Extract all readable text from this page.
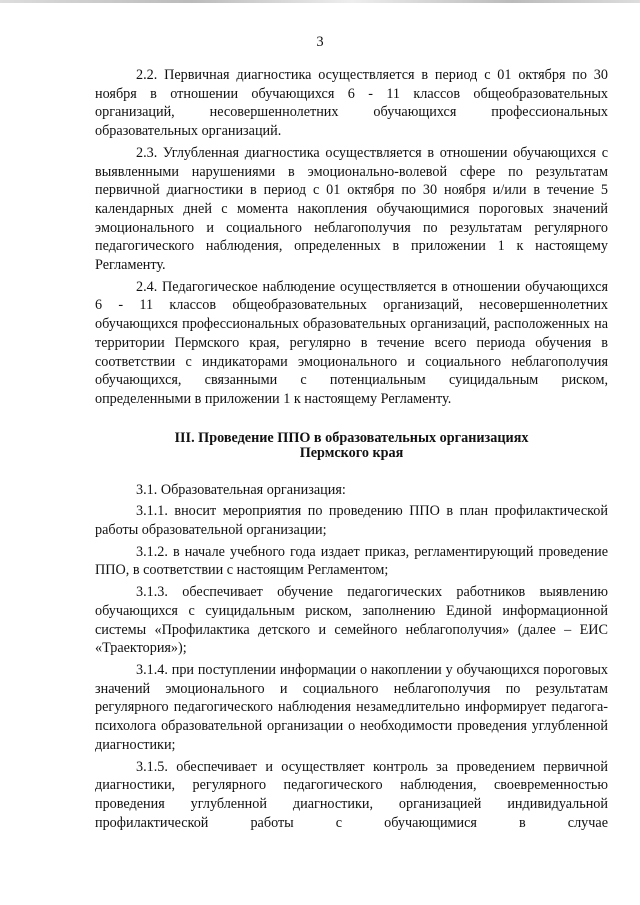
3

2.2. Первичная диагностика осуществляется в период с 01 октября по 30 ноября в отношении обучающихся 6 - 11 классов общеобразовательных организаций, несовершеннолетних обучающихся профессиональных образовательных организаций.

2.3. Углубленная диагностика осуществляется в отношении обучающихся с выявленными нарушениями в эмоционально-волевой сфере по результатам первичной диагностики в период с 01 октября по 30 ноября и/или в течение 5 календарных дней с момента накопления обучающимися пороговых значений эмоционального и социального неблагополучия по результатам регулярного педагогического наблюдения, определенных в приложении 1 к настоящему Регламенту.

2.4. Педагогическое наблюдение осуществляется в отношении обучающихся 6 - 11 классов общеобразовательных организаций, несовершеннолетних обучающихся профессиональных образовательных организаций, расположенных на территории Пермского края, регулярно в течение всего периода обучения в соответствии с индикаторами эмоционального и социального неблагополучия обучающихся, связанными с потенциальным суицидальным риском, определенными в приложении 1 к настоящему Регламенту.

III. Проведение ППО в образовательных организациях
Пермского края

3.1. Образовательная организация:

3.1.1. вносит мероприятия по проведению ППО в план профилактической работы образовательной организации;

3.1.2. в начале учебного года издает приказ, регламентирующий проведение ППО, в соответствии с настоящим Регламентом;

3.1.3. обеспечивает обучение педагогических работников выявлению обучающихся с суицидальным риском, заполнению Единой информационной системы «Профилактика детского и семейного неблагополучия» (далее – ЕИС «Траектория»);

3.1.4. при поступлении информации о накоплении у обучающихся пороговых значений эмоционального и социального неблагополучия по результатам регулярного педагогического наблюдения незамедлительно информирует педагога-психолога образовательной организации о необходимости проведения углубленной диагностики;

3.1.5. обеспечивает и осуществляет контроль за проведением первичной диагностики, регулярного педагогического наблюдения, своевременностью проведения углубленной диагностики, организацией индивидуальной профилактической работы с обучающимися в случае
